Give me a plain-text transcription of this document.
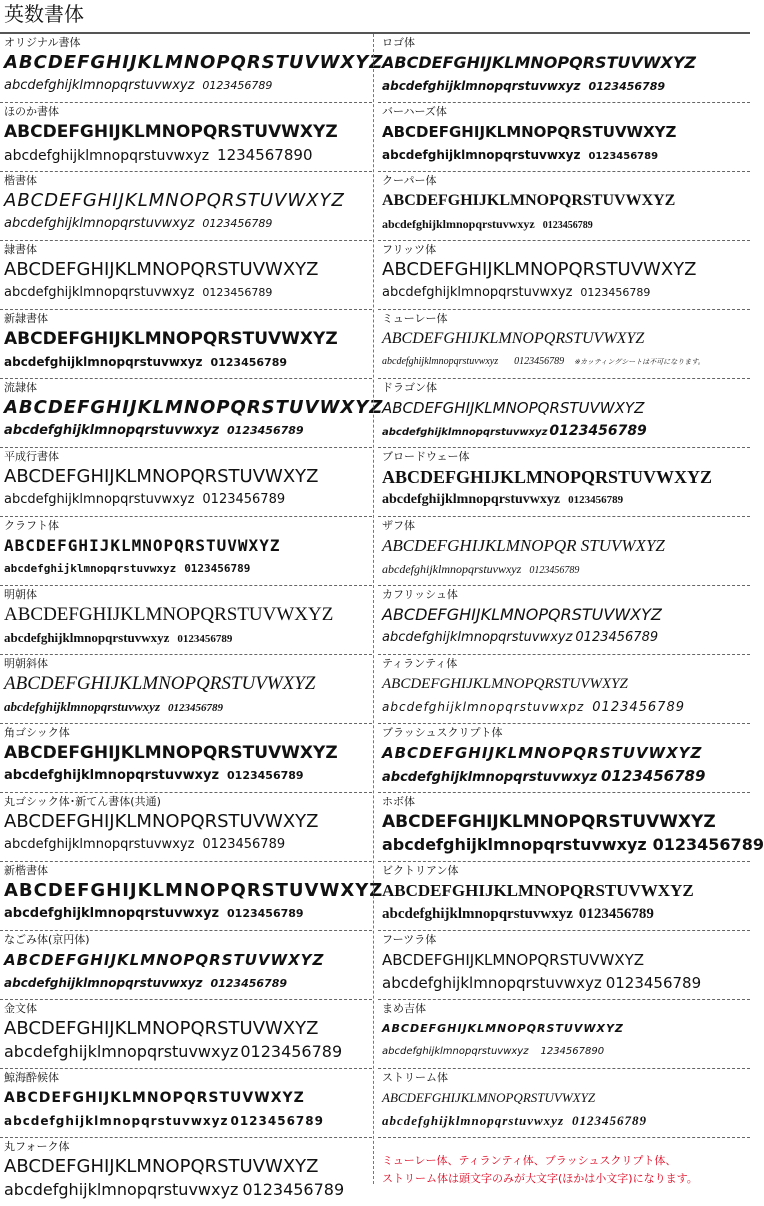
英数書体
オリジナル書体
ABCDEFGHIJKLMNOPQRSTUVWXYZ
abcdefghijklmnopqrstuvwxyz 0123456789
ほのか書体
ABCDEFGHIJKLMNOPQRSTUVWXYZ
abcdefghijklmnopqrstuvwxyz 1234567890
楷書体
ABCDEFGHIJKLMNOPQRSTUVWXYZ
abcdefghijklmnopqrstuvwxyz 0123456789
隷書体
ABCDEFGHIJKLMNOPQRSTUVWXYZ
abcdefghijklmnopqrstuvwxyz 0123456789
新隷書体
ABCDEFGHIJKLMNOPQRSTUVWXYZ
abcdefghijklmnopqrstuvwxyz 0123456789
流隷体
ABCDEFGHIJKLMNOPQRSTUVWXYZ
abcdefghijklmnopqrstuvwxyz 0123456789
平成行書体
ABCDEFGHIJKLMNOPQRSTUVWXYZ
abcdefghijklmnopqrstuvwxyz 0123456789
クラフト体
ABCDEFGHIJKLMNOPQRSTUVWXYZ
abcdefghijklmnopqrstuvwxyz 0123456789
明朝体
ABCDEFGHIJKLMNOPQRSTUVWXYZ
abcdefghijklmnopqrstuvwxyz 0123456789
明朝斜体
ABCDEFGHIJKLMNOPQRSTUVWXYZ
abcdefghijklmnopqrstuvwxyz 0123456789
角ゴシック体
ABCDEFGHIJKLMNOPQRSTUVWXYZ
abcdefghijklmnopqrstuvwxyz 0123456789
丸ゴシック体･新てん書体(共通)
ABCDEFGHIJKLMNOPQRSTUVWXYZ
abcdefghijklmnopqrstuvwxyz 0123456789
新楷書体
ABCDEFGHIJKLMNOPQRSTUVWXYZ
abcdefghijklmnopqrstuvwxyz 0123456789
なごみ体(京円体)
ABCDEFGHIJKLMNOPQRSTUVWXYZ
abcdefghijklmnopqrstuvwxyz 0123456789
金文体
ABCDEFGHIJKLMNOPQRSTUVWXYZ
abcdefghijklmnopqrstuvwxyz 0123456789
鯨海酔候体
ABCDEFGHIJKLMNOPQRSTUVWXYZ
abcdefghijklmnopqrstuvwxyz 0123456789
丸フォーク体
ABCDEFGHIJKLMNOPQRSTUVWXYZ
abcdefghijklmnopqrstuvwxyz 0123456789
ロゴ体
ABCDEFGHIJKLMNOPQRSTUVWXYZ
abcdefghijklmnopqrstuvwxyz 0123456789
バーハーズ体
ABCDEFGHIJKLMNOPQRSTUVWXYZ
abcdefghijklmnopqrstuvwxyz 0123456789
クーパー体
ABCDEFGHIJKLMNOPQRSTUVWXYZ
abcdefghijklmnopqrstuvwxyz 0123456789
フリッツ体
ABCDEFGHIJKLMNOPQRSTUVWXYZ
abcdefghijklmnopqrstuvwxyz 0123456789
ミューレー体
ABCDEFGHIJKLMNOPQRSTUVWXYZ
abcdefghijklmnopqrstuvwxyz 0123456789 ※カッティングシートは不可になります。
ドラゴン体
ABCDEFGHIJKLMNOPQRSTUVWXYZ
abcdefghijklmnopqrstuvwxyz 0123456789
ブロードウェー体
ABCDEFGHIJKLMNOPQRSTUVWXYZ
abcdefghijklmnopqrstuvwxyz 0123456789
ザフ体
ABCDEFGHIJKLMNOPQR STUVWXYZ
abcdefghijklmnopqrstuvwxyz 0123456789
カフリッシュ体
ABCDEFGHIJKLMNOPQRSTUVWXYZ
abcdefghijklmnopqrstuvwxyz 0123456789
ティランティ体
ABCDEFGHIJKLMNOPQRSTUVWXYZ
abcdefghijklmnopqrstuvwxpz 0123456789
ブラッシュスクリプト体
ABCDEFGHIJKLMNOPQRSTUVWXYZ
abcdefghijklmnopqrstuvwxyz 0123456789
ホボ体
ABCDEFGHIJKLMNOPQRSTUVWXYZ
abcdefghijklmnopqrstuvwxyz 0123456789
ビクトリアン体
ABCDEFGHIJKLMNOPQRSTUVWXYZ
abcdefghijklmnopqrstuvwxyz 0123456789
フーツラ体
ABCDEFGHIJKLMNOPQRSTUVWXYZ
abcdefghijklmnopqrstuvwxyz 0123456789
まめ吉体
ABCDEFGHIJKLMNOPQRSTUVWXYZ
abcdefghijklmnopqrstuvwxyz 1234567890
ストリーム体
ABCDEFGHIJKLMNOPQRSTUVWXYZ
abcdefghijklmnopqrstuvwxyz 0123456789
ミューレー体、ティランティ体、ブラッシュスクリプト体、
ストリーム体は頭文字のみが大文字(ほかは小文字)になります。
